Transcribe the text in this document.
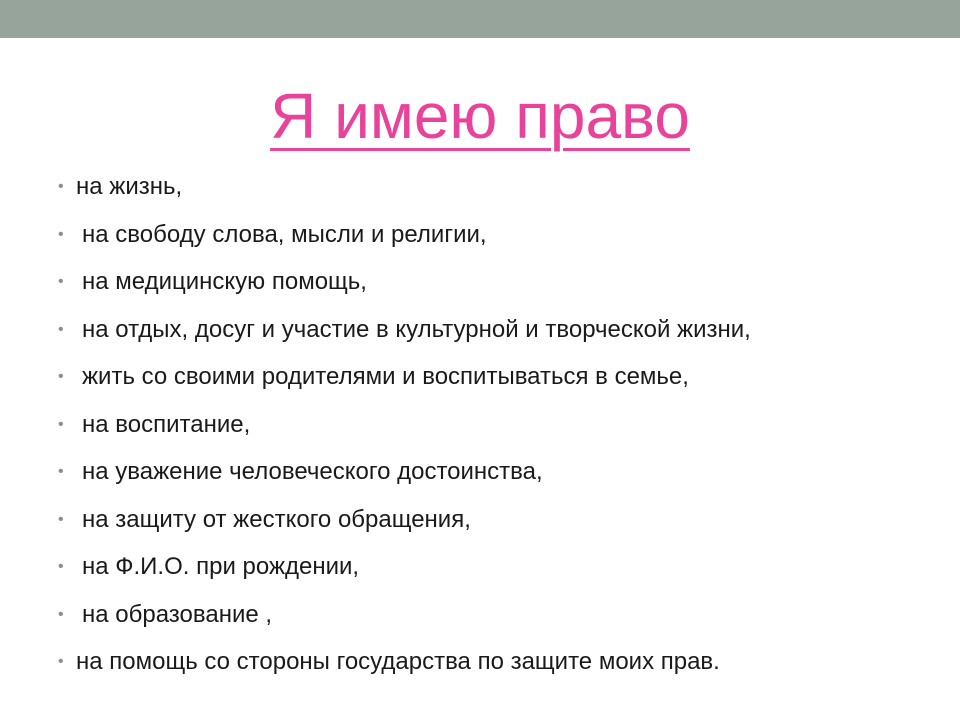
Я имею право
• на жизнь,
• на свободу слова, мысли и религии,
• на медицинскую помощь,
• на отдых, досуг и участие в культурной и творческой жизни,
• жить со своими родителями и воспитываться в семье,
• на воспитание,
• на уважение человеческого достоинства,
• на защиту от жесткого обращения,
• на Ф.И.О. при рождении,
• на образование ,
• на помощь со стороны государства по защите моих прав.
